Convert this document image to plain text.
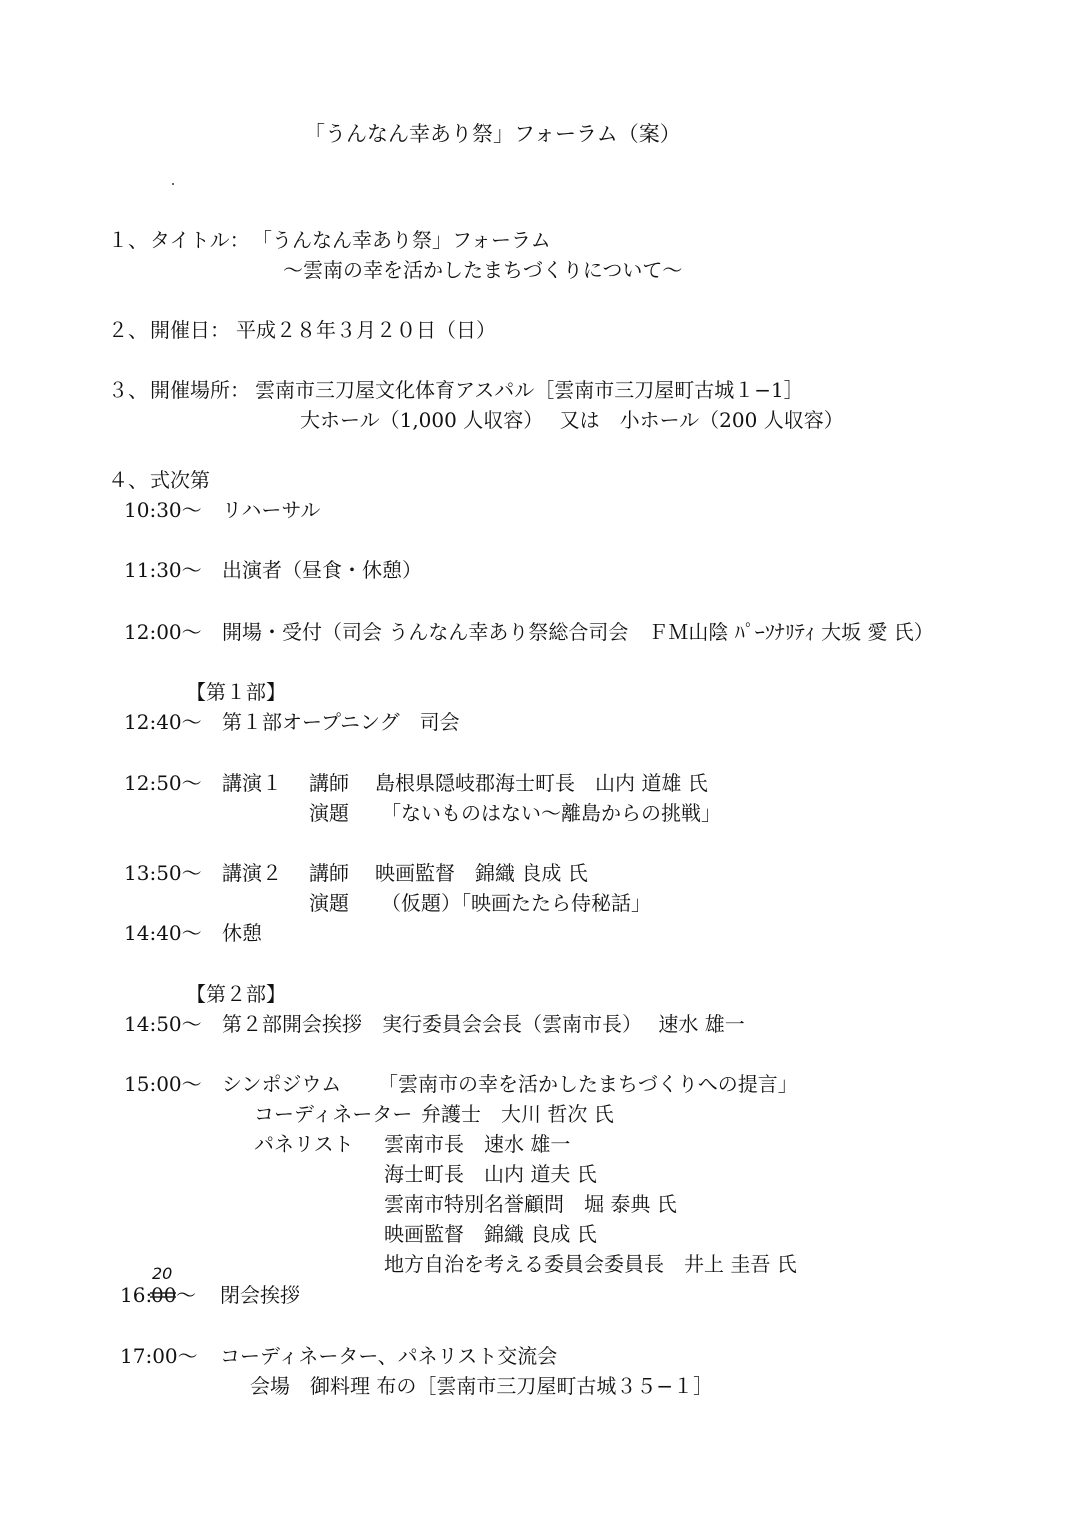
「うんなん幸あり祭」フォーラム（案）
１、 タイトル： 「うんなん幸あり祭」フォーラム
〜雲南の幸を活かしたまちづくりについて〜
２、 開催日： 平成２８年３月２０日（日）
３、 開催場所： 雲南市三刀屋文化体育アスパル［雲南市三刀屋町古城１−1］
大ホール（1,000 人収容）　 又は　小ホール（200 人収容）
４、 式次第
10:30〜 リハーサル
11:30〜 出演者（昼食・休憩）
12:00〜 開場・受付（司会 うんなん幸あり祭総合司会　ＦＭ山陰 ﾊﾟｰｿﾅﾘﾃｨ 大坂 愛 氏）
【第１部】
12:40〜 第１部オープニング　司会
12:50〜 講演１ 講師 島根県隠岐郡海士町長　山内 道雄 氏
演題 「ないものはない〜離島からの挑戦」
13:50〜 講演２ 講師 映画監督　錦織 良成 氏
演題 （仮題）「映画たたら侍秘話」
14:40〜 休憩
【第２部】
14:50〜 第２部開会挨拶　実行委員会会長（雲南市長）　 速水 雄一
15:00〜 シンポジウム 「雲南市の幸を活かしたまちづくりへの提言」
コーディネーター 弁護士　大川 哲次 氏
パネリスト 雲南市長　速水 雄一
海士町長　山内 道夫 氏
雲南市特別名誉顧問　堀 泰典 氏
映画監督　錦織 良成 氏
地方自治を考える委員会委員長　井上 圭吾 氏
20
16:
00 〜 閉会挨拶
17:00〜 コーディネーター、パネリスト交流会
会場　御料理 布の［雲南市三刀屋町古城３５−１］
